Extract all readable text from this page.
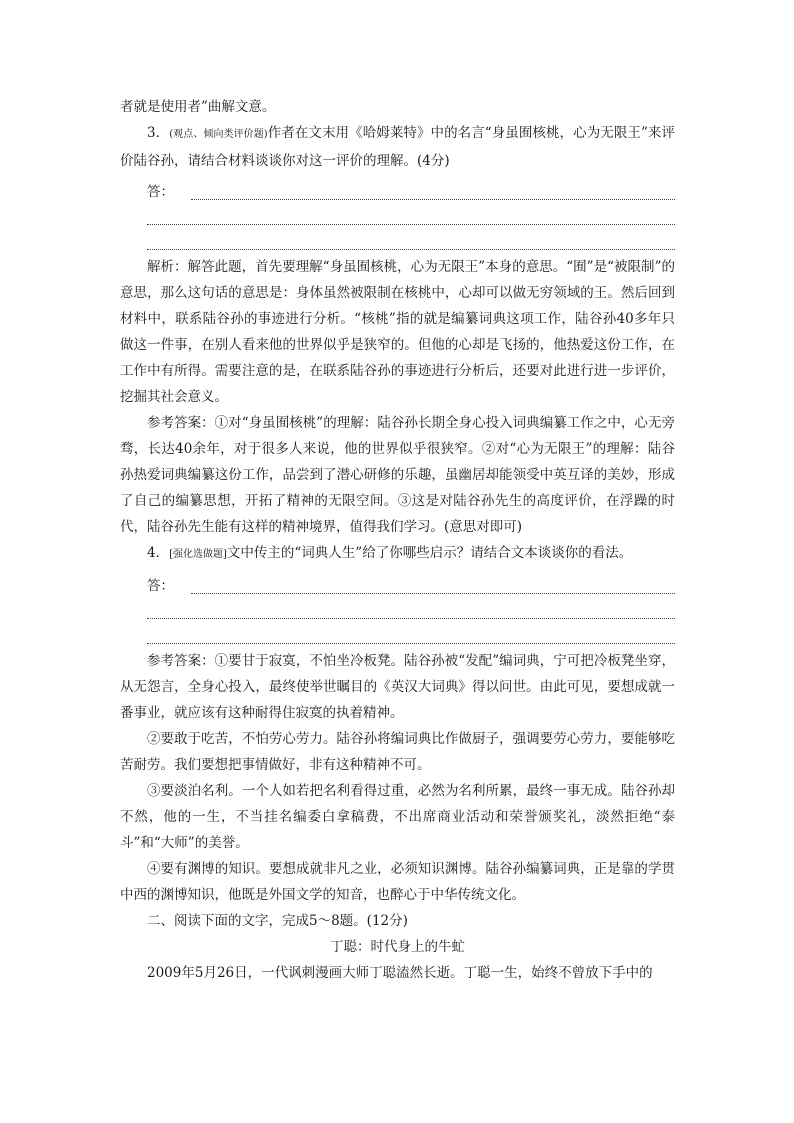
者就是使用者”曲解文意。

3．(观点、倾向类评价题)作者在文末用《哈姆莱特》中的名言“身虽囿核桃，心为无限王”来评价陆谷孙，请结合材料谈谈你对这一评价的理解。(4分)

答：

解析：解答此题，首先要理解“身虽囿核桃，心为无限王”本身的意思。“囿”是“被限制”的意思，那么这句话的意思是：身体虽然被限制在核桃中，心却可以做无穷领域的王。然后回到材料中，联系陆谷孙的事迹进行分析。“核桃”指的就是编纂词典这项工作，陆谷孙40多年只做这一件事，在别人看来他的世界似乎是狭窄的。但他的心却是飞扬的，他热爱这份工作，在工作中有所得。需要注意的是，在联系陆谷孙的事迹进行分析后，还要对此进行进一步评价，挖掘其社会意义。

参考答案：①对“身虽囿核桃”的理解：陆谷孙长期全身心投入词典编纂工作之中，心无旁骛，长达40余年，对于很多人来说，他的世界似乎很狭窄。②对“心为无限王”的理解：陆谷孙热爱词典编纂这份工作，品尝到了潜心研修的乐趣，虽幽居却能领受中英互译的美妙，形成了自己的编纂思想，开拓了精神的无限空间。③这是对陆谷孙先生的高度评价，在浮躁的时代，陆谷孙先生能有这样的精神境界，值得我们学习。(意思对即可)

4．[强化选做题]文中传主的“词典人生”给了你哪些启示？请结合文本谈谈你的看法。

答：

参考答案：①要甘于寂寞，不怕坐冷板凳。陆谷孙被“发配”编词典，宁可把冷板凳坐穿，从无怨言，全身心投入，最终使举世瞩目的《英汉大词典》得以问世。由此可见，要想成就一番事业，就应该有这种耐得住寂寞的执着精神。

②要敢于吃苦，不怕劳心劳力。陆谷孙将编词典比作做厨子，强调要劳心劳力，要能够吃苦耐劳。我们要想把事情做好，非有这种精神不可。

③要淡泊名利。一个人如若把名利看得过重，必然为名利所累，最终一事无成。陆谷孙却不然，他的一生，不当挂名编委白拿稿费，不出席商业活动和荣誉颁奖礼，淡然拒绝“泰斗”和“大师”的美誉。

④要有渊博的知识。要想成就非凡之业，必须知识渊博。陆谷孙编纂词典，正是靠的学贯中西的渊博知识，他既是外国文学的知音，也醉心于中华传统文化。

二、阅读下面的文字，完成5～8题。(12分)

丁聪：时代身上的牛虻

2009年5月26日，一代讽刺漫画大师丁聪溘然长逝。丁聪一生，始终不曾放下手中的
